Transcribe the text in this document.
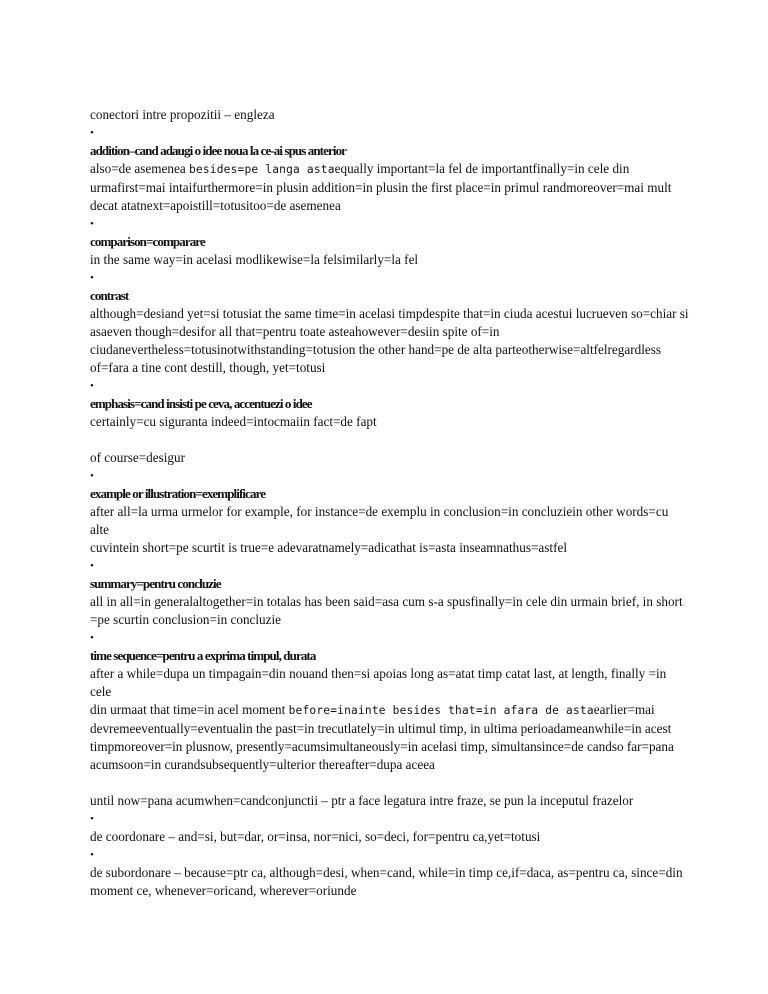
conectori intre propozitii – engleza

•

addition–cand adaugi o idee noua la ce-ai spus anterior

also=de asemenea besides=pe langa astaequally important=la fel de importantfinally=in cele din

urmafirst=mai intaifurthermore=in plusin addition=in plusin the first place=in primul randmoreover=mai mult

decat atatnext=apoistill=totusitoo=de asemenea

•

comparison=comparare

in the same way=in acelasi modlikewise=la felsimilarly=la fel

•

contrast

although=desiand yet=si totusiat the same time=in acelasi timpdespite that=in ciuda acestui lucrueven so=chiar si

asaeven though=desifor all that=pentru toate asteahowever=desiin spite of=in

ciudanevertheless=totusinotwithstanding=totusion the other hand=pe de alta parteotherwise=altfelregardless

of=fara a tine cont destill, though, yet=totusi

•

emphasis=cand insisti pe ceva, accentuezi o idee

certainly=cu siguranta indeed=intocmaiin fact=de fapt

of course=desigur

•

example or illustration=exemplificare

after all=la urma urmelor for example, for instance=de exemplu in conclusion=in concluziein other words=cu alte

cuvintein short=pe scurtit is true=e adevaratnamely=adicathat is=asta inseamnathus=astfel

•

summary=pentru concluzie

all in all=in generalaltogether=in totalas has been said=asa cum s-a spusfinally=in cele din urmain brief, in short

=pe scurtin conclusion=in concluzie

•

time sequence=pentru a exprima timpul, durata

after a while=dupa un timpagain=din nouand then=si apoias long as=atat timp catat last, at length, finally =in cele

din urmaat that time=in acel moment before=inainte besides that=in afara de astaearlier=mai

devremeeventually=eventualin the past=in trecutlately=in ultimul timp, in ultima perioadameanwhile=in acest

timpmoreover=in plusnow, presently=acumsimultaneously=in acelasi timp, simultansince=de candso far=pana

acumsoon=in curandsubsequently=ulterior thereafter=dupa aceea

until now=pana acumwhen=candconjunctii – ptr a face legatura intre fraze, se pun la inceputul frazelor

•

de coordonare – and=si, but=dar, or=insa, nor=nici, so=deci, for=pentru ca,yet=totusi

•

de subordonare – because=ptr ca, although=desi, when=cand, while=in timp ce,if=daca, as=pentru ca, since=din

moment ce, whenever=oricand, wherever=oriunde
